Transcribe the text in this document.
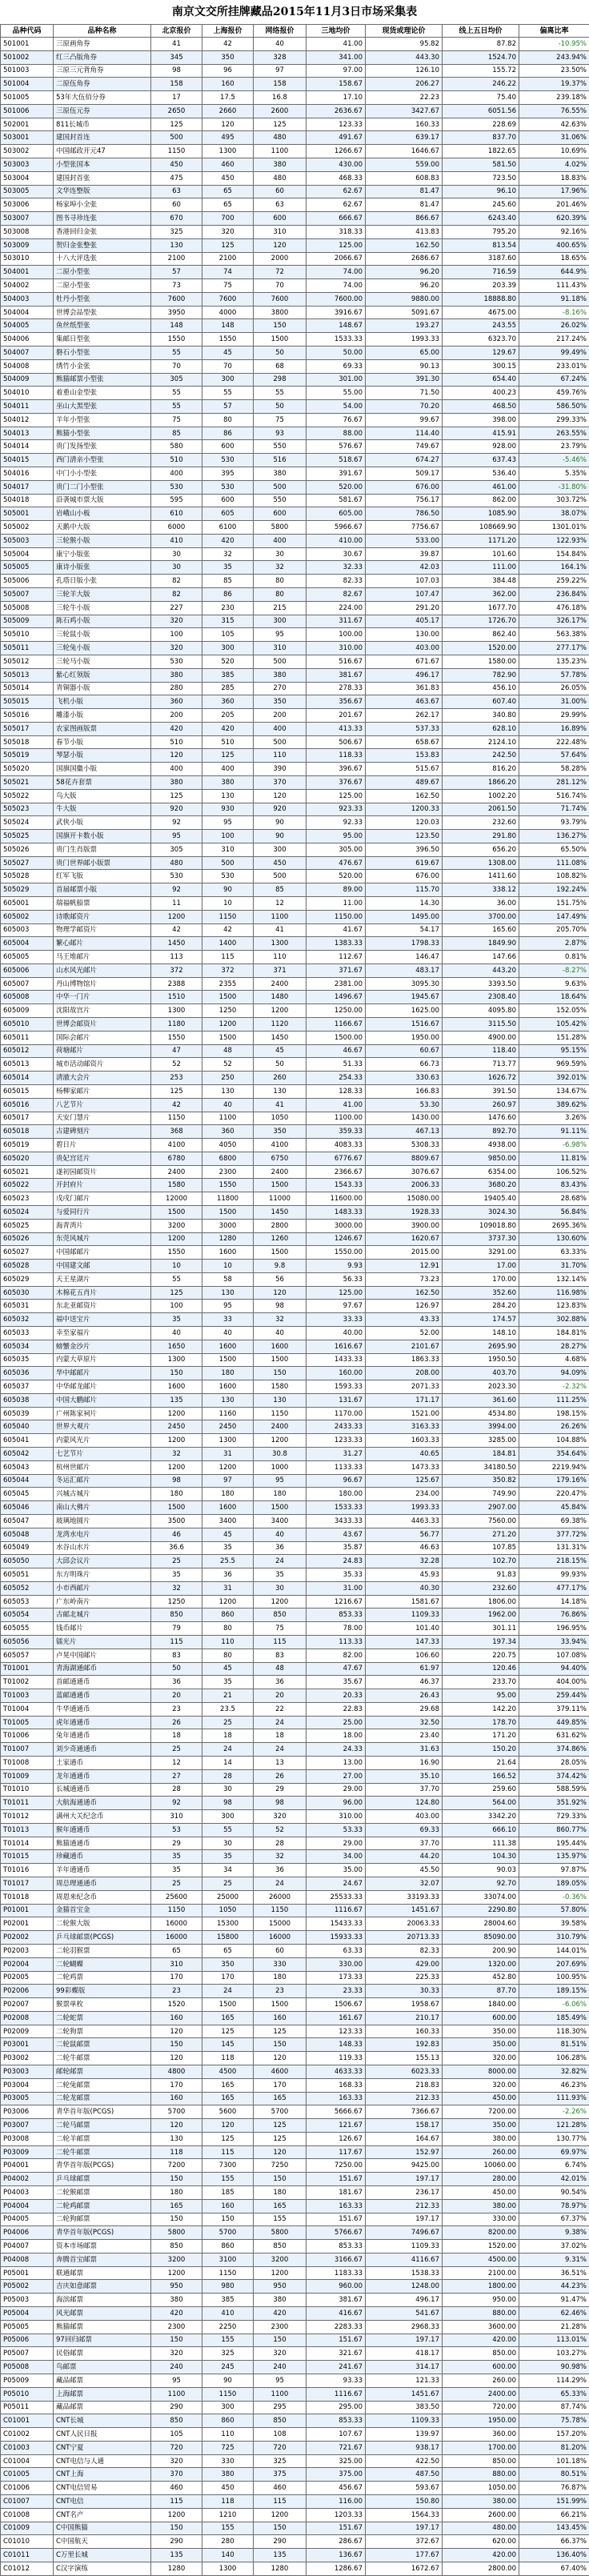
南京文交所挂牌藏品2015年11月3日市场采集表
品种代码	品种名称	北京报价	上海报价	网络报价	三地均价	现货或理论价	线上五日均价	偏离比率
501001	三原画角券	41	42	40	41.00	95.82	87.82	-10.95%
501002	红三凸版角券	345	350	328	341.00	443.30	1524.70	243.94%
501003	三原三元背角券	98	96	97	97.00	126.10	155.72	23.50%
501004	二原伍角券	158	160	158	158.67	206.27	246.22	19.37%
501005	53年大伍佰分券	17	17.5	16.8	17.10	22.23	75.40	239.18%
501006	三原伍元券	2650	2660	2600	2636.67	3427.67	6051.56	76.55%
502001	811长城币	125	120	125	123.33	160.33	228.69	42.63%
503001	建国封首连	500	495	480	491.67	639.17	837.70	31.06%
503002	中国邮政开元47	1150	1300	1100	1266.67	1646.67	1822.65	10.69%
503003	小型张国本	450	460	380	430.00	559.00	581.50	4.02%
503004	建国封首张	475	450	480	468.33	608.83	723.50	18.83%
503005	文华连整版	63	65	60	62.67	81.47	96.10	17.96%
503006	杨家埠小全张	60	65	63	62.67	81.47	245.60	201.46%
503007	图书寻珍连张	670	700	600	666.67	866.67	6243.40	620.39%
503008	香港回归金张	325	320	310	318.33	413.83	795.20	92.16%
503009	贺归金张整张	130	125	120	125.00	162.50	813.54	400.65%
503010	十八大评选张	2100	2100	2000	2066.67	2686.67	3187.60	18.65%
504001	二原小型张	57	74	72	74.00	96.20	716.59	644.9%
504002	二原小型张	73	75	70	74.00	96.20	203.39	111.43%
504003	牡丹小型张	7600	7600	7600	7600.00	9880.00	18888.80	91.18%
504004	世博会品型张	3950	4000	3800	3916.67	5091.67	4675.00	-8.16%
504005	鱼丝纸型张	148	148	150	148.67	193.27	243.55	26.02%
504006	集邮日型张	1550	1550	1500	1533.33	1993.33	6323.70	217.24%
504007	磐石小型张	55	45	50	50.00	65.00	129.67	99.49%
504008	绣竹小金张	70	70	68	69.33	90.13	300.15	233.01%
504009	熊猫邮票小型张	305	300	298	301.00	391.30	654.40	67.24%
504010	着重山金型张	55	55	55	55.00	71.50	400.23	459.76%
504011	巫山大黑型张	55	57	50	54.00	70.20	468.50	586.50%
504012	羊年小型张	75	80	75	76.67	99.67	398.00	299.33%
504013	熊猫小型张	85	86	93	88.00	114.40	415.91	263.55%
504014	贵门发扬型张	580	600	550	576.67	749.67	928.00	23.79%
504015	西门清亲小型张	510	530	516	518.67	674.27	637.43	-5.46%
504016	中门小小型张	400	395	380	391.67	509.17	536.40	5.35%
504017	贵门二门小型张	530	530	500	520.00	676.00	461.00	-31.80%
504018	沿袭城市票大版	595	600	550	581.67	756.17	862.00	303.72%
505001	岩峨山小板	610	605	600	605.00	786.50	1085.90	38.07%
505002	天鹅中大版	6000	6100	5800	5966.67	7756.67	108669.90	1301.01%
505003	三轮猴小版	410	420	400	410.00	533.00	1171.20	122.93%
505004	康宁小版张	30	32	30	30.67	39.87	101.60	154.84%
505005	康诗小版张	30	35	32	32.33	42.03	111.00	164.1%
505006	孔塔日版小张	82	85	80	82.33	107.03	384.48	259.22%
505007	三轮羊大版	82	86	80	82.67	107.47	362.00	236.84%
505008	三轮牛小版	227	230	215	224.00	291.20	1677.70	476.18%
505009	陈石鸡小版	320	315	300	311.67	405.17	1726.70	326.17%
505010	三轮鼠小版	100	105	95	100.00	130.00	862.40	563.38%
505011	三轮兔小版	320	300	310	310.00	403.00	1520.00	277.17%
505012	三轮马小版	530	520	500	516.67	671.67	1580.00	135.23%
505013	紫心红领版	380	385	380	381.67	496.17	782.90	57.78%
505014	青铜器小版	280	285	270	278.33	361.83	456.10	26.05%
505015	飞机小版	360	360	350	356.67	463.67	607.40	31.00%
505016	雕漆小版	200	205	200	201.67	262.17	340.80	29.99%
505017	农家图画版票	420	420	400	413.33	537.33	628.10	16.89%
505018	春节小版	510	510	500	506.67	658.67	2124.10	222.48%
505019	琴瑟小版	120	125	110	118.33	153.83	242.50	57.64%
505020	国旗国徽小版	400	400	390	396.67	515.67	816.20	58.28%
505021	58花卉套票	380	380	370	376.67	489.67	1866.20	281.12%
505022	鸟大版	125	130	120	125.00	162.50	1002.20	516.74%
505023	牛大版	920	930	920	923.33	1200.33	2061.50	71.74%
505024	武侠小版	92	95	90	92.33	120.03	232.60	93.79%
505025	国旗开卡数小版	95	100	90	95.00	123.50	291.80	136.27%
505026	贵门生肖版票	305	310	300	305.00	396.50	656.20	65.50%
505027	贵门世界邮小版票	480	500	450	476.67	619.67	1308.00	111.08%
505028	红军飞版	530	530	500	520.00	676.00	1411.60	108.82%
505029	首届邮票小版	92	90	85	89.00	115.70	338.12	192.24%
605001	瑞福帆船票	11	10	12	11.00	14.30	36.00	151.75%
605002	诗歌邮资片	1200	1150	1100	1150.00	1495.00	3700.00	147.49%
605003	物理学邮资片	42	42	41	41.67	54.17	165.60	205.70%
605004	繁心邮片	1450	1400	1300	1383.33	1798.33	1849.90	2.87%
605005	马王堆邮片	113	115	110	112.67	146.47	147.66	0.81%
605006	山水风光邮片	372	372	371	371.67	483.17	443.20	-8.27%
605007	丹山博物馆片	2388	2355	2400	2381.00	3095.30	3393.50	9.63%
605008	中华一门片	1510	1500	1480	1496.67	1945.67	2308.40	18.64%
605009	沈阳故宫片	1300	1250	1200	1250.00	1625.00	4095.80	152.05%
605010	世博会邮资片	1180	1200	1120	1166.67	1516.67	3115.50	105.42%
605011	国际会邮片	1550	1500	1450	1500.00	1950.00	4900.00	151.28%
605012	荷塘邮片	47	48	45	46.67	60.67	118.40	95.15%
605013	城市活动邮资片	52	52	50	51.33	66.73	713.77	969.59%
605014	清澈大会片	253	250	260	254.33	330.63	1626.72	392.01%
605015	杨柳家邮片	125	130	130	128.33	166.83	391.50	134.67%
605016	八艺节片	42	40	41	41.00	53.30	260.97	389.62%
605017	天安门慧片	1150	1100	1050	1100.00	1430.00	1476.60	3.26%
605018	古建碑刻片	368	360	350	359.33	467.13	892.70	91.11%
605019	碧日片	4100	4050	4100	4083.33	5308.33	4938.00	-6.98%
605020	贵妃宫廷片	6780	6800	6750	6776.67	8809.67	9850.00	11.81%
605021	遂初园邮资片	2400	2300	2400	2366.67	3076.67	6354.00	106.52%
605022	开封府片	1580	1550	1500	1543.33	2006.33	3680.20	83.43%
605023	戊戌门邮片	12000	11800	11000	11600.00	15080.00	19405.40	28.68%
605024	与爱同行片	1500	1500	1450	1483.33	1928.33	3024.30	56.84%
605025	海青湾片	3200	3000	2800	3000.00	3900.00	109018.80	2695.36%
605026	东莞风城片	1200	1280	1260	1246.67	1620.67	3737.30	130.60%
605027	中国邮邮片	1550	1600	1500	1550.00	2015.00	3291.00	63.33%
605028	中国建文邮	10	10	9.8	9.93	12.91	17.00	31.70%
605029	天王星湖片	55	58	56	56.33	73.23	170.00	132.14%
605030	木棉花五肖片	125	130	120	125.00	162.50	352.60	116.98%
605031	东北亚邮资片	100	95	98	97.67	126.97	284.20	123.83%
605032	福中送宝片	35	33	32	33.33	43.33	174.57	302.88%
605033	幸至家福片	40	40	40	40.00	52.00	148.10	184.81%
605034	螃蟹金沙片	1650	1600	1600	1616.67	2101.67	2695.90	28.27%
605035	内蒙大草原片	1300	1500	1500	1433.33	1863.33	1950.50	4.68%
605036	华中邮邮片	150	180	150	160.00	208.00	403.70	94.09%
605037	中华邮龙邮片	1600	1600	1580	1593.33	2071.33	2023.30	-2.32%
605038	中国大鹏邮片	135	130	130	131.67	171.17	361.60	111.25%
605039	广州陈家祠片	1200	1160	1150	1170.00	1521.00	4534.80	198.15%
605040	世界大观片	2450	2450	2400	2433.33	3163.33	3994.00	26.26%
605041	内蒙风光片	1200	1300	1200	1233.33	1603.33	3285.00	104.88%
605042	七艺节片	32	31	30.8	31.27	40.65	184.81	354.64%
605043	杭州世邮片	1200	1200	1000	1133.33	1473.33	34180.50	2219.94%
605044	冬运汇邮片	98	97	95	96.67	125.67	350.82	179.16%
605045	兴城古城片	180	180	180	180.00	234.00	749.90	220.47%
605046	南山大佛片	1500	1600	1500	1533.33	1993.33	2907.00	45.84%
605047	玻璃地圆片	3500	3400	3400	3433.33	4463.33	7560.00	69.38%
605048	龙湾水电片	46	45	40	43.67	56.77	271.20	377.72%
605049	水谷山水片	36.6	35	36	35.87	46.63	107.85	131.31%
605050	大邱会议片	25	25.5	24	24.83	32.28	102.70	218.15%
605051	东方明珠片	35	36	35	35.33	45.93	91.83	99.93%
605052	小市西邮片	32	31	30	31.00	40.30	232.60	477.17%
605053	广东岭南片	1250	1200	1200	1216.67	1581.67	1806.00	14.18%
605054	古邮北城片	850	860	850	853.33	1109.33	1962.00	76.86%
605055	钱币邮片	79	80	75	78.00	101.40	301.11	196.95%
605056	镭光片	115	110	115	113.33	147.33	197.34	33.94%
605057	卢晃中国邮片	83	80	83	82.00	106.60	220.75	107.08%
T01001	青海湖通邮币	50	45	48	47.67	61.97	120.46	94.40%
T01002	首邮通通币	36	35	36	35.67	46.37	233.70	404.00%
T01003	蓝邮通通币	20	21	20	20.33	26.43	95.00	259.44%
T01004	牛华通通币	23	23.5	22	22.83	29.68	142.20	379.11%
T01005	虎年通通币	26	25	24	25.00	32.50	178.70	449.85%
T01006	兔年通通币	18	18	18	18.00	23.40	171.20	631.62%
T01007	刘少奇通通币	25	24	24	24.33	31.63	150.20	374.86%
T01008	土家通币	12	14	13	13.00	16.90	21.64	28.05%
T01009	龙年通通币	27	28	26	27.00	35.10	166.52	374.42%
T01010	长城通通币	28	30	29	29.00	37.70	259.60	588.59%
T01011	大航海通通币	92	98	98	96.00	124.80	564.00	351.92%
T01012	满州大关纪念币	310	300	320	310.00	403.00	3342.20	729.33%
T01013	猴年通通币	53	55	52	53.33	69.33	666.10	860.77%
T01014	熊猫通通币	29	30	28	29.00	37.70	111.38	195.44%
T01015	珍藏通币	35	35	32	34.00	44.20	104.30	135.97%
T01016	羊年通通币	35	34	36	35.00	45.50	90.03	97.87%
T01017	周总理通通币	25	25	24	24.67	32.07	92.70	189.05%
T01018	周恩来纪念币	25600	25000	26000	25533.33	33193.33	33074.00	-0.36%
P01001	金猫首宝金	1150	1050	1150	1116.67	1451.67	2290.80	57.80%
P02001	二轮猴大版	16000	15300	15000	15433.33	20063.33	28004.60	39.58%
P02002	乒乓球邮票(PCGS)	16000	15800	16000	15933.33	20713.33	85090.00	310.79%
P02003	二轮羽猴票	65	65	60	63.33	82.33	200.90	144.01%
P02004	二轮蝴蝶	310	350	330	330.00	429.00	1320.00	207.69%
P02005	二轮鸡票	170	170	180	173.33	225.33	452.80	100.95%
P02006	99彩蝶版	23	24	23	23.33	30.33	87.70	189.15%
P02007	猴票单枚	1520	1500	1500	1506.67	1958.67	1840.00	-6.06%
P02008	二轮蛇票	160	165	160	161.67	210.17	600.00	185.49%
P02009	二轮狗票	120	125	125	123.33	160.33	350.00	118.30%
P03001	二轮鼠邮票	150	145	150	148.33	192.83	350.00	81.51%
P03002	二轮牛邮票	120	118	120	119.33	155.13	320.00	106.28%
P03003	邮轮邮票	4800	4500	4600	4633.33	6023.33	8000.00	32.82%
P03004	二轮兔邮票	170	165	170	168.33	218.83	320.00	46.23%
P03005	二轮龙邮票	160	165	165	163.33	212.33	450.00	111.93%
P03006	青华首年版(PCGS)	5700	5600	5700	5666.67	7366.67	7200.00	-2.26%
P03007	二轮马邮票	120	120	125	121.67	158.17	350.00	121.28%
P03008	二轮羊邮票	130	125	125	126.67	164.67	380.00	130.77%
P03009	二轮牛邮票	118	115	120	117.67	152.97	260.00	69.97%
P04001	青华首年版(PCGS)	7200	7300	7250	7250.00	9425.00	10060.00	6.74%
P04002	乒乓球邮票	150	155	150	151.67	197.17	280.00	42.01%
P04003	二轮猴邮票	180	185	180	181.67	236.17	450.00	90.54%
P04004	二轮鸡邮票	165	160	165	163.33	212.33	380.00	78.97%
P04005	二轮狗邮票	150	150	155	151.67	197.17	330.00	67.37%
P04006	青华首年版(PCGS)	5800	5700	5800	5766.67	7496.67	8200.00	9.38%
P04007	资本市场邮票	850	860	850	853.33	1109.33	1520.00	37.02%
P04008	奔腾首宝邮票	3200	3100	3200	3166.67	4116.67	4500.00	9.31%
P05001	联通邮票	1200	1150	1200	1183.33	1538.33	2100.00	36.51%
P05002	吉庆如意邮票	950	980	950	960.00	1248.00	1800.00	44.23%
P05003	海滨邮票	380	385	380	381.67	496.17	950.00	91.47%
P05004	风光邮票	420	410	420	416.67	541.67	880.00	62.46%
P05005	熊猫邮票	2300	2250	2300	2283.33	2968.33	3600.00	21.28%
P05006	97回归邮票	150	155	150	151.67	197.17	420.00	113.01%
P05007	民俗邮票	320	325	320	321.67	418.17	850.00	103.27%
P05008	鸟邮票	240	245	240	241.67	314.17	600.00	90.98%
P05009	藏品邮票	95	90	95	93.33	121.33	260.00	114.29%
P05010	上海邮票	1100	1150	1100	1116.67	1451.67	2400.00	65.33%
P05011	藏品邮票	290	300	295	295.00	383.50	720.00	87.74%
C01001	CNT长城	850	860	850	853.33	1109.33	1950.00	75.78%
C01002	CNT人民日报	105	110	108	107.67	139.97	360.00	157.20%
C01003	CNT宁夏	720	725	720	721.67	938.17	1700.00	81.20%
C01004	CNT电信与人通	320	330	325	325.00	422.50	850.00	101.18%
C01005	CNT上海	370	380	375	375.00	487.50	880.00	80.51%
C01006	CNT电信贸易	460	450	460	456.67	593.67	1050.00	76.87%
C01007	CNT电信	115	118	115	116.00	150.80	380.00	151.99%
C01008	CNT名产	1200	1210	1200	1203.33	1564.33	2600.00	66.21%
C01009	C中国熊猫	150	155	150	151.67	197.17	480.00	143.45%
C01010	C中国航天	290	280	290	286.67	372.67	620.00	66.37%
C01011	C万里长城	135	140	135	136.67	177.67	420.00	136.40%
C01012	C汉字演练	1280	1300	1280	1286.67	1672.67	2800.00	67.40%
